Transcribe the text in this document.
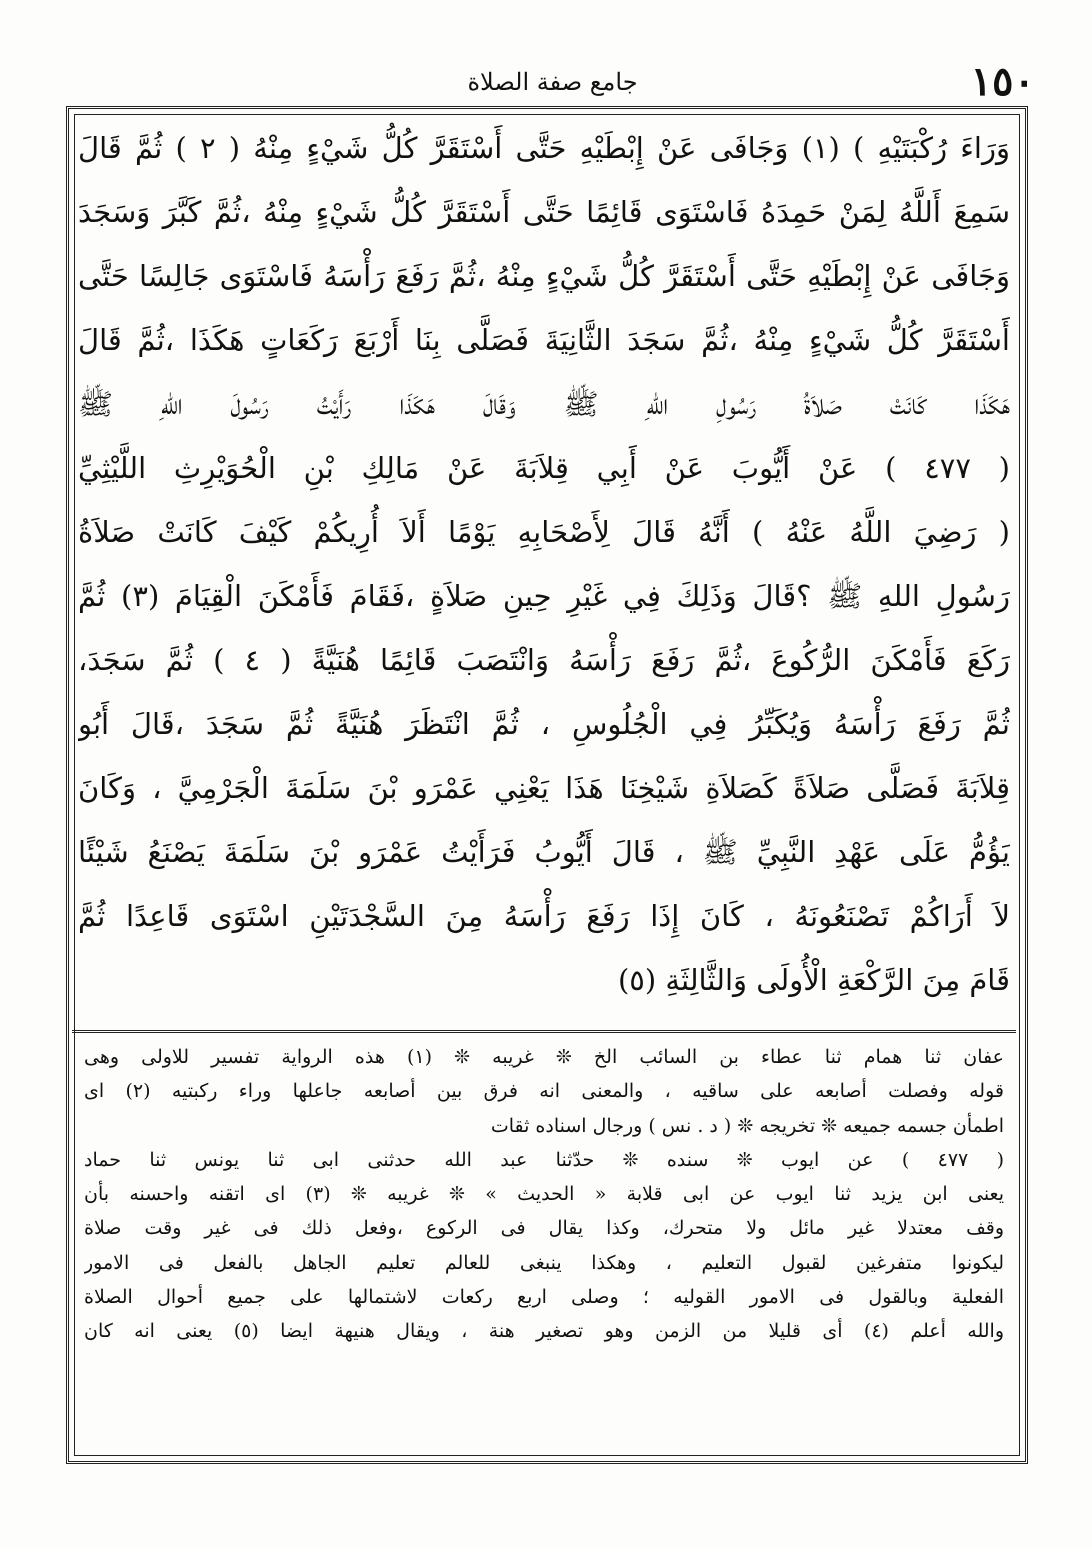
١٥٠
جامع صفة الصلاة
وَرَاءَ رُكْبَتَيْهِ ) (١) وَجَافَى عَنْ إِبْطَيْهِ حَتَّى أَسْتَقَرَّ كُلُّ شَيْءٍ مِنْهُ ( ٢ ) ثُمَّ قَالَ
سَمِعَ أَللَّهُ لِمَنْ حَمِدَهُ فَاسْتَوَى قَائِمًا حَتَّى أَسْتَقَرَّ كُلُّ شَيْءٍ مِنْهُ ،ثُمَّ كَبَّرَ وَسَجَدَ
وَجَافَى عَنْ إِبْطَيْهِ حَتَّى أَسْتَقَرَّ كُلُّ شَيْءٍ مِنْهُ ،ثُمَّ رَفَعَ رَأْسَهُ فَاسْتَوَى جَالِسًا حَتَّى
أَسْتَقَرَّ كُلُّ شَيْءٍ مِنْهُ ،ثُمَّ سَجَدَ الثَّانِيَةَ فَصَلَّى بِنَا أَرْبَعَ رَكَعَاتٍ هَكَذَا ،ثُمَّ قَالَ
هَكَذَا كَانَتْ صَلاَةُ رَسُولِ اللهِ ﷺ وَقَالَ هَكَذَا رَأَيْتُ رَسُولَ اللهِ ﷺ
( ٤٧٧ ) عَنْ أَيُّوبَ عَنْ أَبِي قِلاَبَةَ عَنْ مَالِكِ بْنِ الْحُوَيْرِثِ اللَّيْثِيِّ
( رَضِيَ اللَّهُ عَنْهُ ) أَنَّهُ قَالَ لِأَصْحَابِهِ يَوْمًا أَلاَ أُرِيكُمْ كَيْفَ كَانَتْ صَلاَةُ
رَسُولِ اللهِ ﷺ ؟قَالَ وَذَلِكَ فِي غَيْرِ حِينِ صَلاَةٍ ،فَقَامَ فَأَمْكَنَ الْقِيَامَ (٣) ثُمَّ
رَكَعَ فَأَمْكَنَ الرُّكُوعَ ،ثُمَّ رَفَعَ رَأْسَهُ وَانْتَصَبَ قَائِمًا هُنَيَّةً ( ٤ ) ثُمَّ سَجَدَ،
ثُمَّ رَفَعَ رَأْسَهُ وَيُكَبِّرُ فِي الْجُلُوسِ ، ثُمَّ انْتَظَرَ هُنَيَّةً ثُمَّ سَجَدَ ،قَالَ أَبُو
قِلاَبَةَ فَصَلَّى صَلاَةً كَصَلاَةِ شَيْخِنَا هَذَا يَعْنِي عَمْرَو بْنَ سَلَمَةَ الْجَرْمِيَّ ، وَكَانَ
يَؤُمُّ عَلَى عَهْدِ النَّبِيِّ ﷺ ، قَالَ أَيُّوبُ فَرَأَيْتُ عَمْرَو بْنَ سَلَمَةَ يَصْنَعُ شَيْئًا
لاَ أَرَاكُمْ تَصْنَعُونَهُ ، كَانَ إِذَا رَفَعَ رَأْسَهُ مِنَ السَّجْدَتَيْنِ اسْتَوَى قَاعِدًا ثُمَّ
قَامَ مِنَ الرَّكْعَةِ الْأُولَى وَالثَّالِثَةِ (٥)
عفان ثنا همام ثنا عطاء بن السائب الخ ❊ غريبه ❊ (١) هذه الرواية تفسير للاولى وهى
قوله وفصلت أصابعه على ساقيه ، والمعنى انه فرق بين أصابعه جاعلها وراء ركبتيه (٢) اى
اطمأن جسمه جميعه ❊ تخريجه ❊ ( د . نس ) ورجال اسناده ثقات
( ٤٧٧ ) عن ايوب ❊ سنده ❊ حدّثنا عبد الله حدثنى ابى ثنا يونس ثنا حماد
يعنى ابن يزيد ثنا ايوب عن ابى قلابة « الحديث » ❊ غريبه ❊ (٣) اى اتقنه واحسنه بأن
وقف معتدلا غير مائل ولا متحرك، وكذا يقال فى الركوع ،وفعل ذلك فى غير وقت صلاة
ليكونوا متفرغين لقبول التعليم ، وهكذا ينبغى للعالم تعليم الجاهل بالفعل فى الامور
الفعلية وبالقول فى الامور القوليه ؛ وصلى اربع ركعات لاشتمالها على جميع أحوال الصلاة
والله أعلم (٤) أى قليلا من الزمن وهو تصغير هنة ، ويقال هنيهة ايضا (٥) يعنى انه كان
